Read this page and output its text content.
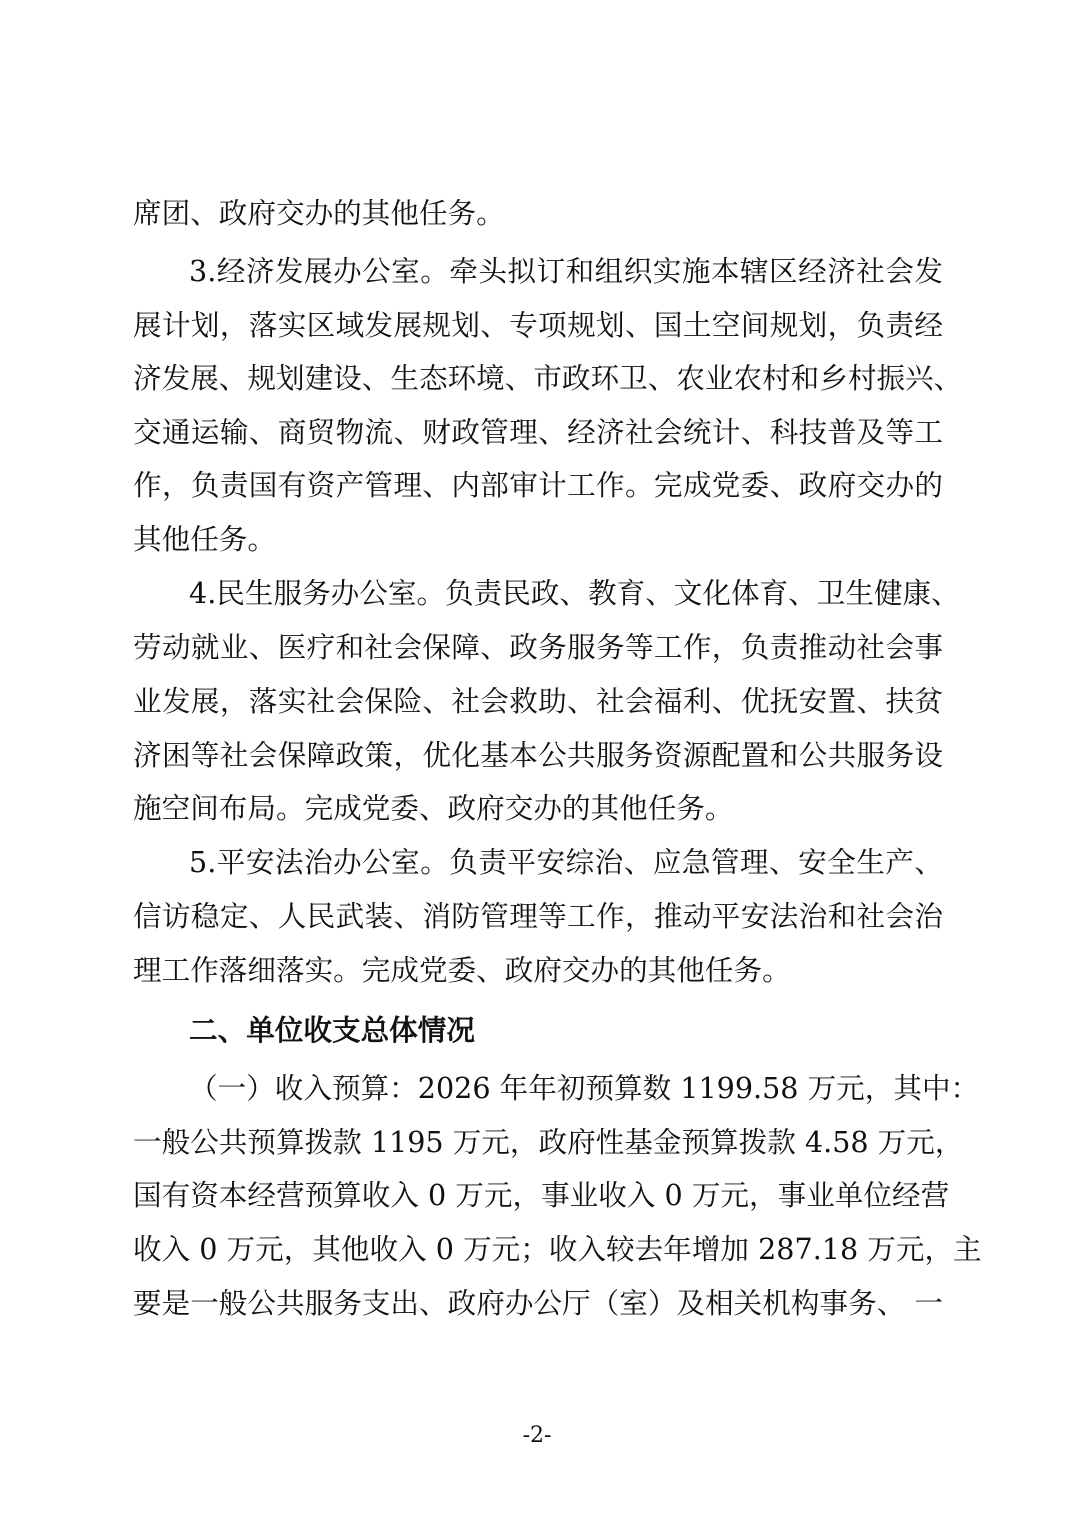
席团、政府交办的其他任务。
3.经济发展办公室。牵头拟订和组织实施本辖区经济社会发
展计划，落实区域发展规划、专项规划、国土空间规划，负责经
济发展、规划建设、生态环境、市政环卫、农业农村和乡村振兴、
交通运输、商贸物流、财政管理、经济社会统计、科技普及等工
作，负责国有资产管理、内部审计工作。完成党委、政府交办的
其他任务。
4.民生服务办公室。负责民政、教育、文化体育、卫生健康、
劳动就业、医疗和社会保障、政务服务等工作，负责推动社会事
业发展，落实社会保险、社会救助、社会福利、优抚安置、扶贫
济困等社会保障政策，优化基本公共服务资源配置和公共服务设
施空间布局。完成党委、政府交办的其他任务。
5.平安法治办公室。负责平安综治、应急管理、安全生产、
信访稳定、人民武装、消防管理等工作，推动平安法治和社会治
理工作落细落实。完成党委、政府交办的其他任务。
二、单位收支总体情况
（一）收入预算：2026 年年初预算数 1199.58 万元，其中：
一般公共预算拨款 1195 万元，政府性基金预算拨款 4.58 万元，
国有资本经营预算收入 0 万元，事业收入 0 万元，事业单位经营
收入 0 万元，其他收入 0 万元；收入较去年增加 287.18 万元，主
要是一般公共服务支出、政府办公厅（室）及相关机构事务、 一
-2-
